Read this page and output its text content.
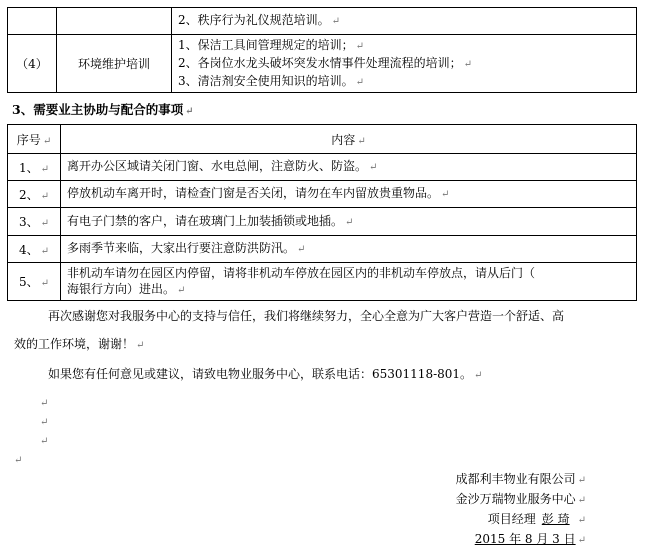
		2、秩序行为礼仪规范培训。 ↵
（4）	环境维护培训	1、保洁工具间管理规定的培训； ↵
2、各岗位水龙头破坏突发水情事件处理流程的培训； ↵
3、清洁剂安全使用知识的培训。 ↵
3、需要业主协助与配合的事项 ↵
序号 ↵	内容 ↵
1、 ↵	离开办公区域请关闭门窗、水电总闸，注意防火、防盗。 ↵
2、 ↵	停放机动车离开时，请检查门窗是否关闭，请勿在车内留放贵重物品。 ↵
3、 ↵	有电子门禁的客户，请在玻璃门上加装插锁或地插。 ↵
4、 ↵	多雨季节来临，大家出行要注意防洪防汛。 ↵
5、 ↵	非机动车请勿在园区内停留，请将非机动车停放在园区内的非机动车停放点，请从后门（
海银行方向）进出。 ↵
再次感谢您对我服务中心的支持与信任，我们将继续努力，全心全意为广大客户营造一个舒适、高
效的工作环境，谢谢！ ↵
如果您有任何意见或建议，请致电物业服务中心，联系电话：65301118-801。 ↵
↵
↵
↵
↵
成都利丰物业有限公司 ↵
金沙万瑞物业服务中心 ↵
项目经理 彭 琦 ↵
2015 年 8 月 3 日 ↵
